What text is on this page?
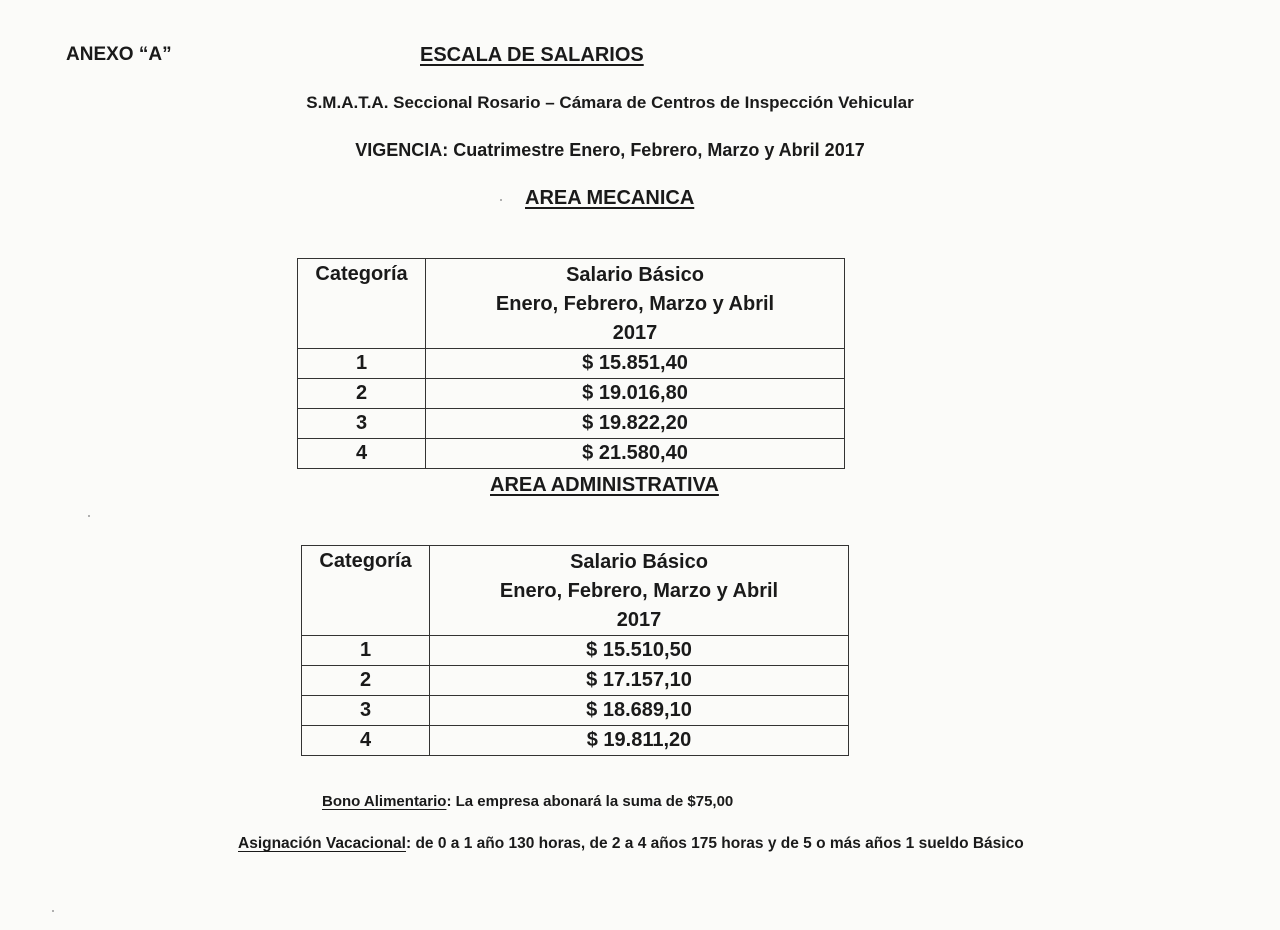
ANEXO “A”	ESCALA DE SALARIOS
S.M.A.T.A. Seccional Rosario – Cámara de Centros de Inspección Vehicular
VIGENCIA: Cuatrimestre Enero, Febrero, Marzo y Abril 2017
AREA MECANICA
Categoría	Salario Básico
Enero, Febrero, Marzo y Abril
2017

1	$ 15.851,40
2	$ 19.016,80
3	$ 19.822,20
4	$ 21.580,40
AREA ADMINISTRATIVA
Categoría	Salario Básico
Enero, Febrero, Marzo y Abril
2017

1	$ 15.510,50
2	$ 17.157,10
3	$ 18.689,10
4	$ 19.811,20
Bono Alimentario: La empresa abonará la suma de $75,00
Asignación Vacacional: de 0 a 1 año 130 horas, de 2 a 4 años 175 horas y de 5 o más años 1 sueldo Básico
